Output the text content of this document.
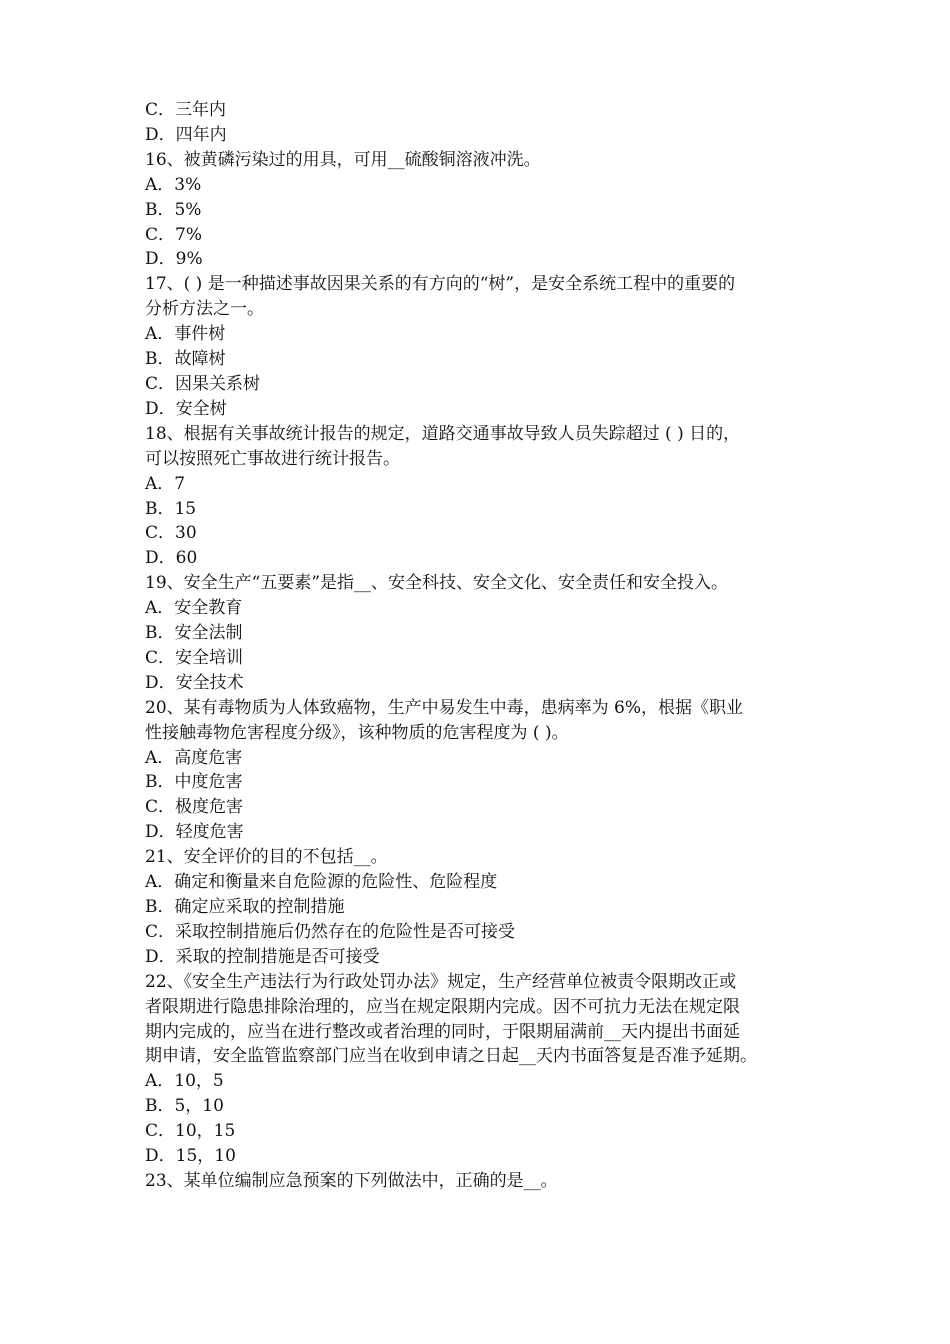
C．三年内
D．四年内
16、被黄磷污染过的用具，可用__硫酸铜溶液冲洗。
A．3%
B．5%
C．7%
D．9%
17、( ) 是一种描述事故因果关系的有方向的“树”，是安全系统工程中的重要的
分析方法之一。
A．事件树
B．故障树
C．因果关系树
D．安全树
18、根据有关事故统计报告的规定，道路交通事故导致人员失踪超过 ( ) 日的，
可以按照死亡事故进行统计报告。
A．7
B．15
C．30
D．60
19、安全生产“五要素”是指__、安全科技、安全文化、安全责任和安全投入。
A．安全教育
B．安全法制
C．安全培训
D．安全技术
20、某有毒物质为人体致癌物，生产中易发生中毒，患病率为 6%，根据《职业
性接触毒物危害程度分级》，该种物质的危害程度为 ( )。
A．高度危害
B．中度危害
C．极度危害
D．轻度危害
21、安全评价的目的不包括__。
A．确定和衡量来自危险源的危险性、危险程度
B．确定应采取的控制措施
C．采取控制措施后仍然存在的危险性是否可接受
D．采取的控制措施是否可接受
22、《安全生产违法行为行政处罚办法》规定，生产经营单位被责令限期改正或
者限期进行隐患排除治理的，应当在规定限期内完成。因不可抗力无法在规定限
期内完成的，应当在进行整改或者治理的同时，于限期届满前__天内提出书面延
期申请，安全监管监察部门应当在收到申请之日起__天内书面答复是否准予延期。
A．10，5
B．5，10
C．10，15
D．15，10
23、某单位编制应急预案的下列做法中，正确的是__。
